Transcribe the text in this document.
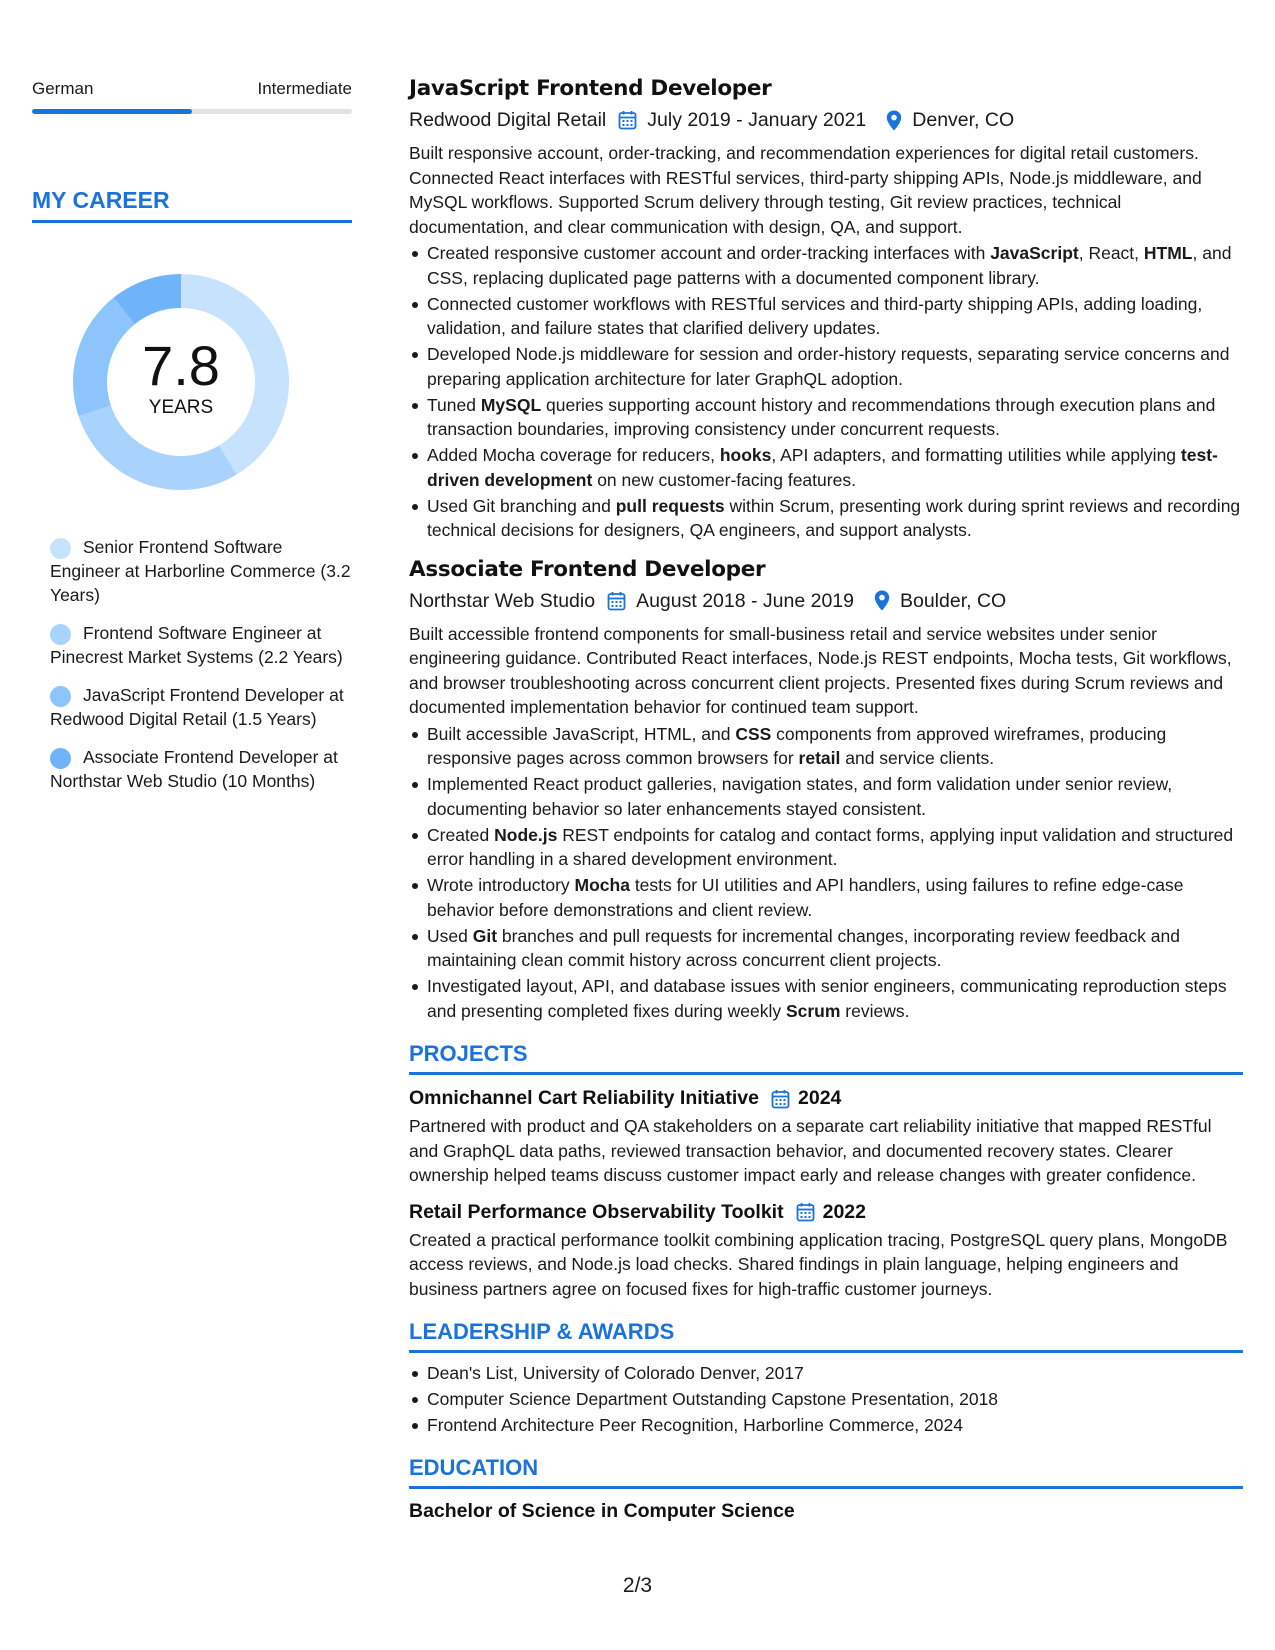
German	Intermediate
MY CAREER
7.8
YEARS
Senior Frontend Software Engineer at Harborline Commerce (3.2 Years)
Frontend Software Engineer at Pinecrest Market Systems (2.2 Years)
JavaScript Frontend Developer at Redwood Digital Retail (1.5 Years)
Associate Frontend Developer at Northstar Web Studio (10 Months)
JavaScript Frontend Developer
Redwood Digital Retail July 2019 - January 2021 Denver, CO
Built responsive account, order-tracking, and recommendation experiences for digital retail customers. Connected React interfaces with RESTful services, third-party shipping APIs, Node.js middleware, and MySQL workflows. Supported Scrum delivery through testing, Git review practices, technical documentation, and clear communication with design, QA, and support.
Created responsive customer account and order-tracking interfaces with JavaScript, React, HTML, and CSS, replacing duplicated page patterns with a documented component library.
Connected customer workflows with RESTful services and third-party shipping APIs, adding loading, validation, and failure states that clarified delivery updates.
Developed Node.js middleware for session and order-history requests, separating service concerns and preparing application architecture for later GraphQL adoption.
Tuned MySQL queries supporting account history and recommendations through execution plans and transaction boundaries, improving consistency under concurrent requests.
Added Mocha coverage for reducers, hooks, API adapters, and formatting utilities while applying test-driven development on new customer-facing features.
Used Git branching and pull requests within Scrum, presenting work during sprint reviews and recording technical decisions for designers, QA engineers, and support analysts.
Associate Frontend Developer
Northstar Web Studio August 2018 - June 2019 Boulder, CO
Built accessible frontend components for small-business retail and service websites under senior engineering guidance. Contributed React interfaces, Node.js REST endpoints, Mocha tests, Git workflows, and browser troubleshooting across concurrent client projects. Presented fixes during Scrum reviews and documented implementation behavior for continued team support.
Built accessible JavaScript, HTML, and CSS components from approved wireframes, producing responsive pages across common browsers for retail and service clients.
Implemented React product galleries, navigation states, and form validation under senior review, documenting behavior so later enhancements stayed consistent.
Created Node.js REST endpoints for catalog and contact forms, applying input validation and structured error handling in a shared development environment.
Wrote introductory Mocha tests for UI utilities and API handlers, using failures to refine edge-case behavior before demonstrations and client review.
Used Git branches and pull requests for incremental changes, incorporating review feedback and maintaining clean commit history across concurrent client projects.
Investigated layout, API, and database issues with senior engineers, communicating reproduction steps and presenting completed fixes during weekly Scrum reviews.
PROJECTS
Omnichannel Cart Reliability Initiative 2024
Partnered with product and QA stakeholders on a separate cart reliability initiative that mapped RESTful and GraphQL data paths, reviewed transaction behavior, and documented recovery states. Clearer ownership helped teams discuss customer impact early and release changes with greater confidence.
Retail Performance Observability Toolkit 2022
Created a practical performance toolkit combining application tracing, PostgreSQL query plans, MongoDB access reviews, and Node.js load checks. Shared findings in plain language, helping engineers and business partners agree on focused fixes for high-traffic customer journeys.
LEADERSHIP & AWARDS
Dean's List, University of Colorado Denver, 2017
Computer Science Department Outstanding Capstone Presentation, 2018
Frontend Architecture Peer Recognition, Harborline Commerce, 2024
EDUCATION
Bachelor of Science in Computer Science
2/3
